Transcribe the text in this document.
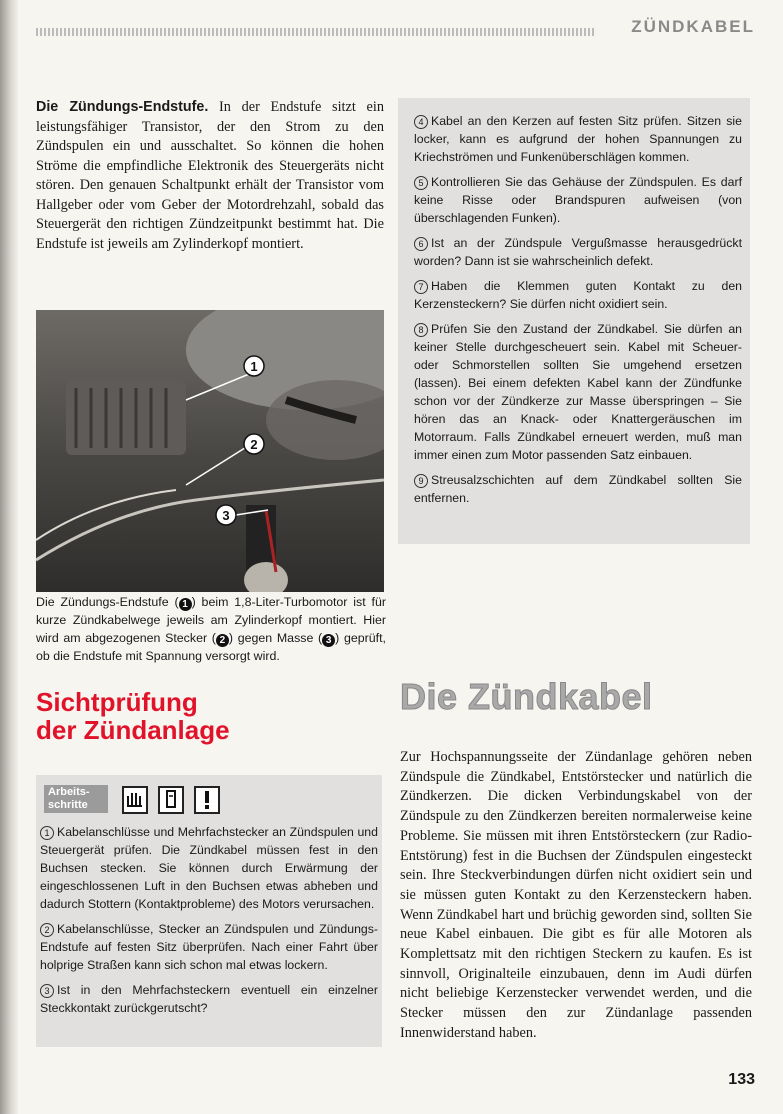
ZÜNDKABEL
Die Zündungs-Endstufe. In der Endstufe sitzt ein leistungsfähiger Transistor, der den Strom zu den Zündspulen ein und ausschaltet. So können die hohen Ströme die empfindliche Elektronik des Steuergeräts nicht stören. Den genauen Schaltpunkt erhält der Transistor vom Hallgeber oder vom Geber der Motordrehzahl, sobald das Steuergerät den richtigen Zündzeitpunkt bestimmt hat. Die Endstufe ist jeweils am Zylinderkopf montiert.
1
2
3
Die Zündungs-Endstufe ( 1 ) beim 1,8-Liter-Turbomotor ist für kurze Zündkabelwege jeweils am Zylinderkopf montiert. Hier wird am abgezogenen Stecker ( 2 ) gegen Masse ( 3 ) geprüft, ob die Endstufe mit Spannung versorgt wird.
Sichtprüfung
der Zündanlage
Arbeits-schritte

1 Kabelanschlüsse und Mehrfachstecker an Zündspulen und Steuergerät prüfen. Die Zündkabel müssen fest in den Buchsen stecken. Sie können durch Erwärmung der eingeschlossenen Luft in den Buchsen etwas abheben und dadurch Stottern (Kontaktprobleme) des Motors verursachen.

2 Kabelanschlüsse, Stecker an Zündspulen und Zündungs-Endstufe auf festen Sitz überprüfen. Nach einer Fahrt über holprige Straßen kann sich schon mal etwas lockern.

3 Ist in den Mehrfachsteckern eventuell ein einzelner Steckkontakt zurückgerutscht?

4 Kabel an den Kerzen auf festen Sitz prüfen. Sitzen sie locker, kann es aufgrund der hohen Spannungen zu Kriechströmen und Funkenüberschlägen kommen.

5 Kontrollieren Sie das Gehäuse der Zündspulen. Es darf keine Risse oder Brandspuren aufweisen (von überschlagenden Funken).

6 Ist an der Zündspule Vergußmasse herausgedrückt worden? Dann ist sie wahrscheinlich defekt.

7 Haben die Klemmen guten Kontakt zu den Kerzensteckern? Sie dürfen nicht oxidiert sein.

8 Prüfen Sie den Zustand der Zündkabel. Sie dürfen an keiner Stelle durchgescheuert sein. Kabel mit Scheuer- oder Schmorstellen sollten Sie umgehend ersetzen (lassen). Bei einem defekten Kabel kann der Zündfunke schon vor der Zündkerze zur Masse überspringen – Sie hören das an Knack- oder Knattergeräuschen im Motorraum. Falls Zündkabel erneuert werden, muß man immer einen zum Motor passenden Satz einbauen.

9 Streusalzschichten auf dem Zündkabel sollten Sie entfernen.

Die Zündkabel
Zur Hochspannungsseite der Zündanlage gehören neben Zündspule die Zündkabel, Entstörstecker und natürlich die Zündkerzen. Die dicken Verbindungskabel von der Zündspule zu den Zündkerzen bereiten normalerweise keine Probleme. Sie müssen mit ihren Entstörsteckern (zur Radio-Entstörung) fest in die Buchsen der Zündspulen eingesteckt sein. Ihre Steckverbindungen dürfen nicht oxidiert sein und sie müssen guten Kontakt zu den Kerzensteckern haben. Wenn Zündkabel hart und brüchig geworden sind, sollten Sie neue Kabel einbauen. Die gibt es für alle Motoren als Komplettsatz mit den richtigen Steckern zu kaufen. Es ist sinnvoll, Originalteile einzubauen, denn im Audi dürfen nicht beliebige Kerzenstecker verwendet werden, und die Stecker müssen den zur Zündanlage passenden Innenwiderstand haben.
133
